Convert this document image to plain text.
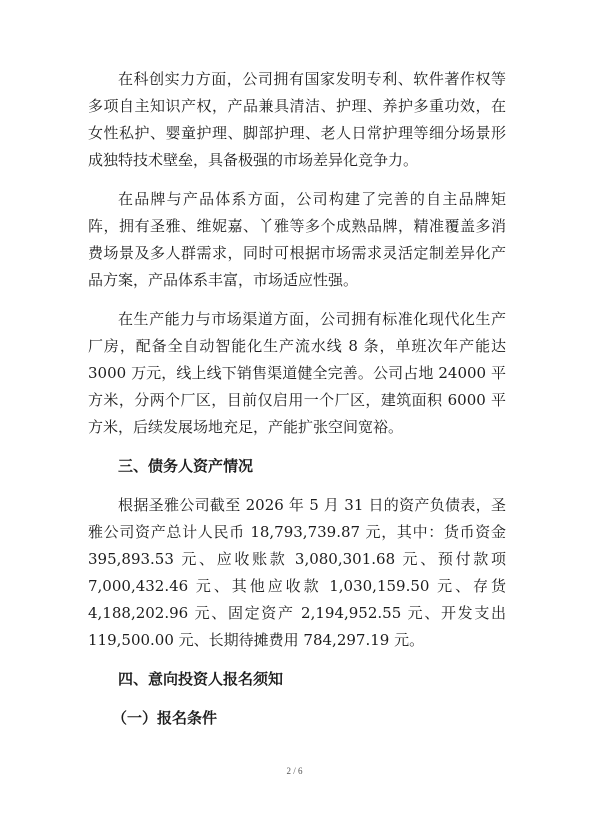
在科创实力方面，公司拥有国家发明专利、软件著作权等多项自主知识产权，产品兼具清洁、护理、养护多重功效，在女性私护、婴童护理、脚部护理、老人日常护理等细分场景形成独特技术壁垒，具备极强的市场差异化竞争力。

在品牌与产品体系方面，公司构建了完善的自主品牌矩阵，拥有圣雅、维妮嘉、丫雅等多个成熟品牌，精准覆盖多消费场景及多人群需求，同时可根据市场需求灵活定制差异化产品方案，产品体系丰富，市场适应性强。

在生产能力与市场渠道方面，公司拥有标准化现代化生产厂房，配备全自动智能化生产流水线 8 条，单班次年产能达 3000 万元，线上线下销售渠道健全完善。公司占地 24000 平方米，分两个厂区，目前仅启用一个厂区，建筑面积 6000 平方米，后续发展场地充足，产能扩张空间宽裕。

三、债务人资产情况

根据圣雅公司截至 2026 年 5 月 31 日的资产负债表，圣雅公司资产总计人民币 18,793,739.87 元，其中：货币资金 395,893.53 元、应收账款 3,080,301.68 元、预付款项 7,000,432.46 元、其他应收款 1,030,159.50 元、存货 4,188,202.96 元、固定资产 2,194,952.55 元、开发支出 119,500.00 元、长期待摊费用 784,297.19 元。

四、意向投资人报名须知
（一）报名条件
2 / 6
